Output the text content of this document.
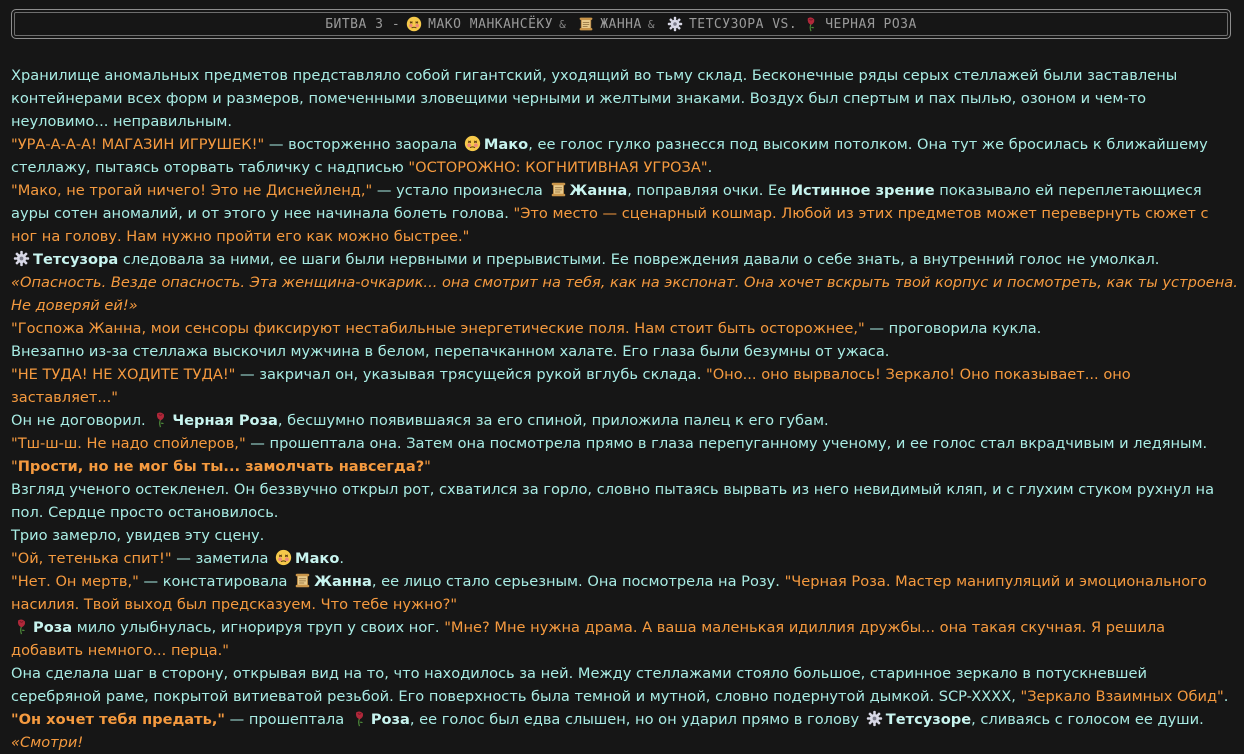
БИТВА 3 - МАКО МАНКАНСЁКУ &	ЖАННА &	ТЕТСУЗОРА VS. ЧЕРНАЯ РОЗА

Хранилище аномальных предметов представляло собой гигантский, уходящий во тьму склад. Бесконечные ряды серых стеллажей были заставлены контейнерами всех форм и размеров, помеченными зловещими черными и желтыми знаками. Воздух был спертым и пах пылью, озоном и чем-то неуловимо... неправильным.

"УРА-А-А-А! МАГАЗИН ИГРУШЕК!" — восторженно заорала
Мако, ее голос гулко разнесся под высоким потолком. Она тут же бросилась к ближайшему стеллажу, пытаясь оторвать табличку с надписью "ОСТОРОЖНО: КОГНИТИВНАЯ УГРОЗА".

"Мако, не трогай ничего! Это не Диснейленд," — устало произнесла
Жанна, поправляя очки. Ее Истинное зрение показывало ей переплетающиеся ауры сотен аномалий, и от этого у нее начинала болеть голова. "Это место — сценарный кошмар. Любой из этих предметов может перевернуть сюжет с ног на голову. Нам нужно пройти его как можно быстрее."

Тетсузора следовала за ними, ее шаги были нервными и прерывистыми. Ее повреждения давали о себе знать, а внутренний голос не умолкал.

«Опасность. Везде опасность. Эта женщина-очкарик... она смотрит на тебя, как на экспонат. Она хочет вскрыть твой корпус и посмотреть, как ты устроена. Не доверяй ей!»

"Госпожа Жанна, мои сенсоры фиксируют нестабильные энергетические поля. Нам стоит быть осторожнее," — проговорила кукла.

Внезапно из-за стеллажа выскочил мужчина в белом, перепачканном халате. Его глаза были безумны от ужаса.

"НЕ ТУДА! НЕ ХОДИТЕ ТУДА!" — закричал он, указывая трясущейся рукой вглубь склада. "Оно... оно вырвалось! Зеркало! Оно показывает... оно заставляет..."

Он не договорил.
Черная Роза, бесшумно появившаяся за его спиной, приложила палец к его губам.

"Тш-ш-ш. Не надо спойлеров," — прошептала она. Затем она посмотрела прямо в глаза перепуганному ученому, и ее голос стал вкрадчивым и ледяным.

"Прости, но не мог бы ты... замолчать навсегда?"

Взгляд ученого остекленел. Он беззвучно открыл рот, схватился за горло, словно пытаясь вырвать из него невидимый кляп, и с глухим стуком рухнул на пол. Сердце просто остановилось.

Трио замерло, увидев эту сцену.

"Ой, тетенька спит!" — заметила
Мако.

"Нет. Он мертв," — констатировала
Жанна, ее лицо стало серьезным. Она посмотрела на Розу. "Черная Роза. Мастер манипуляций и эмоционального насилия. Твой выход был предсказуем. Что тебе нужно?"

Роза мило улыбнулась, игнорируя труп у своих ног. "Мне? Мне нужна драма. А ваша маленькая идиллия дружбы... она такая скучная. Я решила добавить немного... перца."

Она сделала шаг в сторону, открывая вид на то, что находилось за ней. Между стеллажами стояло большое, старинное зеркало в потускневшей серебряной раме, покрытой витиеватой резьбой. Его поверхность была темной и мутной, словно подернутой дымкой. SCP-XXXX, "Зеркало Взаимных Обид".

"Он хочет тебя предать," — прошептала
Роза, ее голос был едва слышен, но он ударил прямо в голову
Тетсузоре, сливаясь с голосом ее души. «Смотри!
